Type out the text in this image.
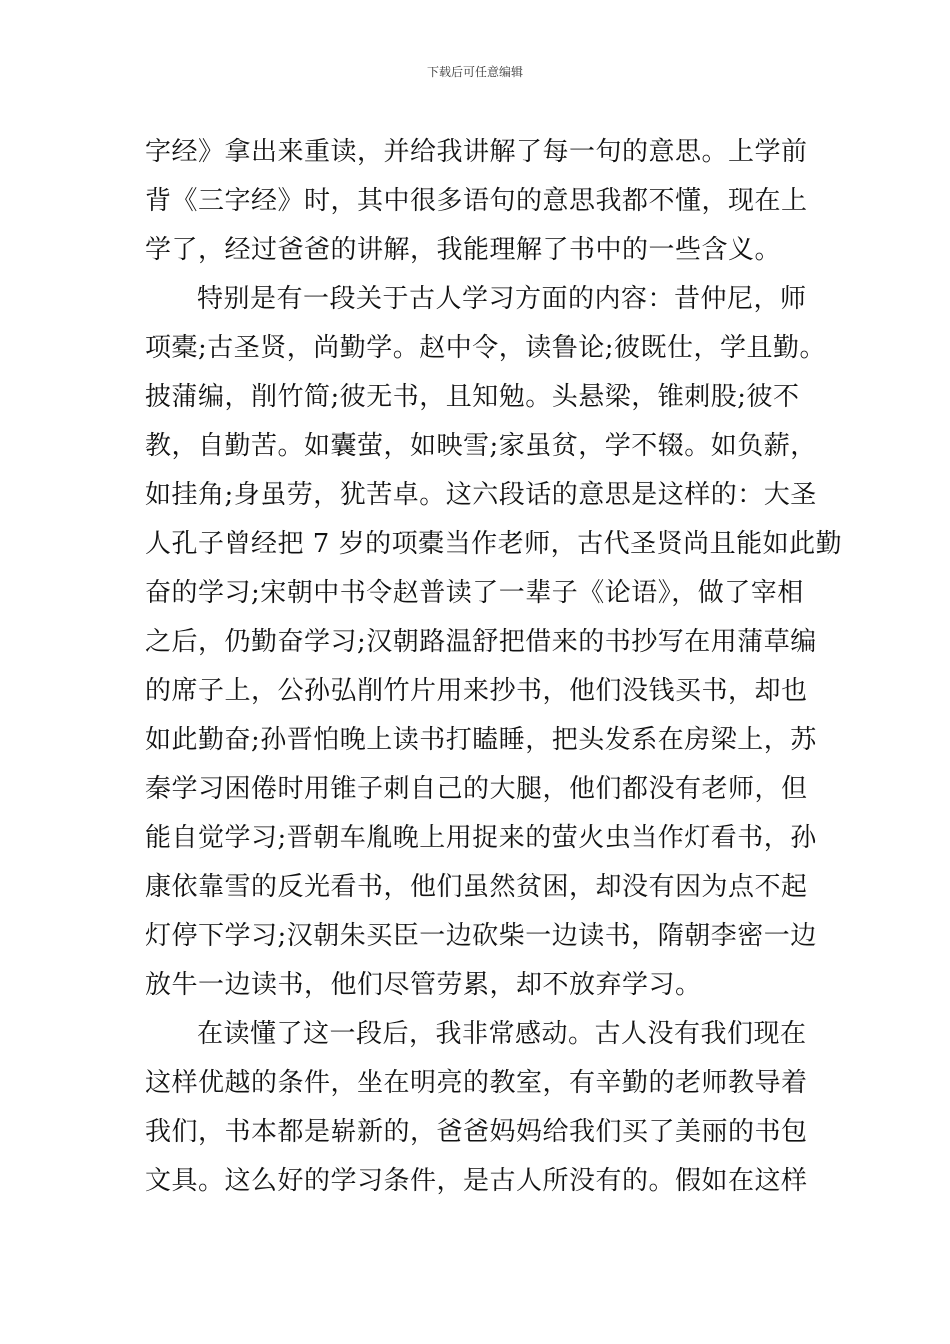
下载后可任意编辑
字经》拿出来重读，并给我讲解了每一句的意思。上学前
背《三字经》时，其中很多语句的意思我都不懂，现在上
学了，经过爸爸的讲解，我能理解了书中的一些含义。
特别是有一段关于古人学习方面的内容：昔仲尼，师
项橐;古圣贤，尚勤学。赵中令，读鲁论;彼既仕，学且勤。
披蒲编，削竹简;彼无书，且知勉。头悬梁，锥刺股;彼不
教，自勤苦。如囊萤，如映雪;家虽贫，学不辍。如负薪，
如挂角;身虽劳，犹苦卓。这六段话的意思是这样的：大圣
人孔子曾经把 7 岁的项橐当作老师，古代圣贤尚且能如此勤
奋的学习;宋朝中书令赵普读了一辈子《论语》，做了宰相
之后，仍勤奋学习;汉朝路温舒把借来的书抄写在用蒲草编
的席子上，公孙弘削竹片用来抄书，他们没钱买书，却也
如此勤奋;孙晋怕晚上读书打瞌睡，把头发系在房梁上，苏
秦学习困倦时用锥子刺自己的大腿，他们都没有老师，但
能自觉学习;晋朝车胤晚上用捉来的萤火虫当作灯看书，孙
康依靠雪的反光看书，他们虽然贫困，却没有因为点不起
灯停下学习;汉朝朱买臣一边砍柴一边读书，隋朝李密一边
放牛一边读书，他们尽管劳累，却不放弃学习。
在读懂了这一段后，我非常感动。古人没有我们现在
这样优越的条件，坐在明亮的教室，有辛勤的老师教导着
我们，书本都是崭新的，爸爸妈妈给我们买了美丽的书包
文具。这么好的学习条件，是古人所没有的。假如在这样
